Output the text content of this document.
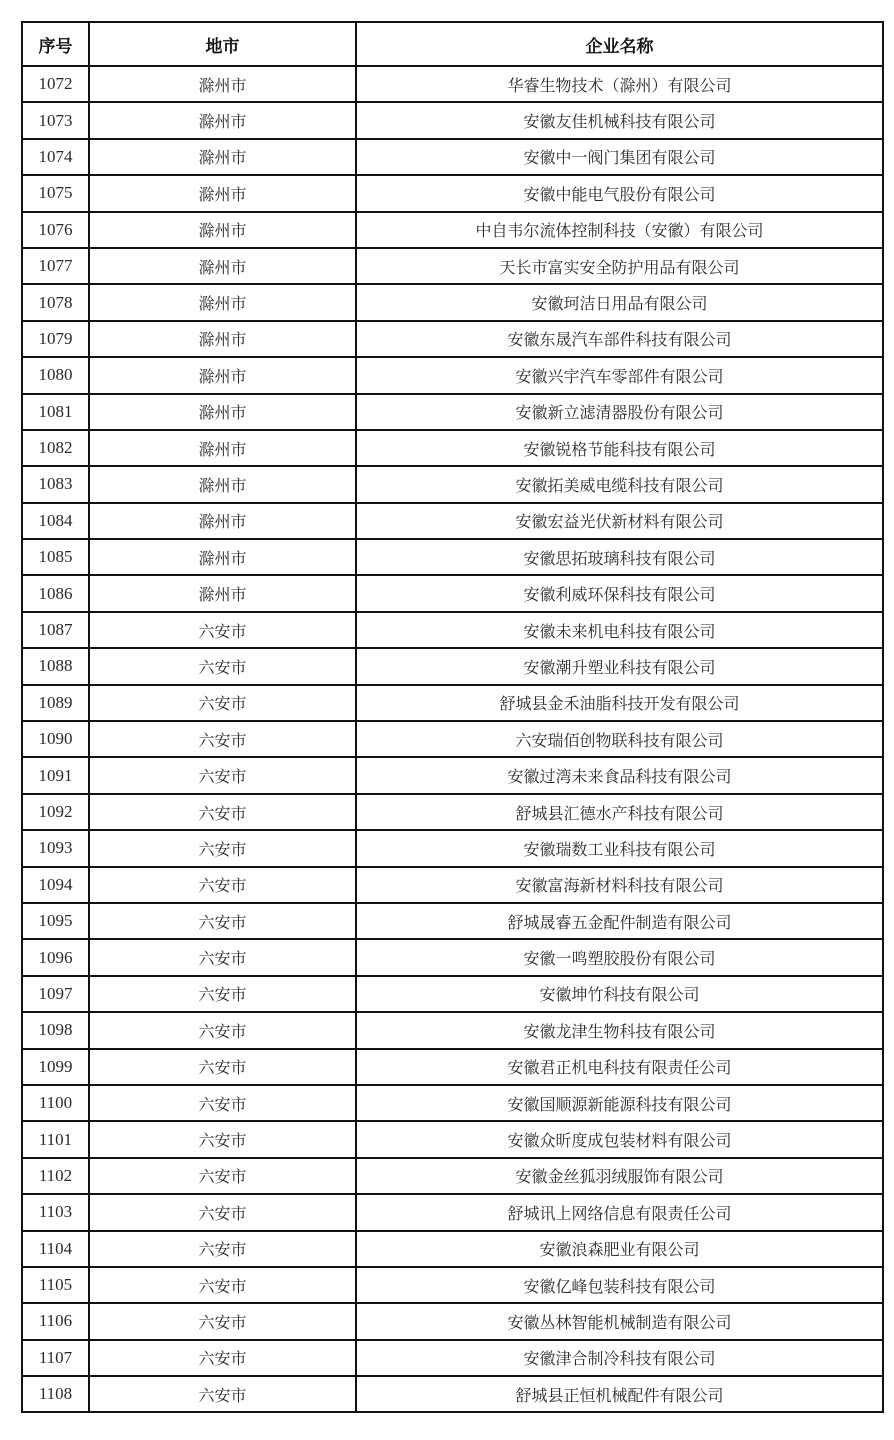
序号	地市	企业名称
1072	滁州市	华睿生物技术（滁州）有限公司
1073	滁州市	安徽友佳机械科技有限公司
1074	滁州市	安徽中一阀门集团有限公司
1075	滁州市	安徽中能电气股份有限公司
1076	滁州市	中自韦尔流体控制科技（安徽）有限公司
1077	滁州市	天长市富实安全防护用品有限公司
1078	滁州市	安徽珂洁日用品有限公司
1079	滁州市	安徽东晟汽车部件科技有限公司
1080	滁州市	安徽兴宇汽车零部件有限公司
1081	滁州市	安徽新立滤清器股份有限公司
1082	滁州市	安徽锐格节能科技有限公司
1083	滁州市	安徽拓美威电缆科技有限公司
1084	滁州市	安徽宏益光伏新材料有限公司
1085	滁州市	安徽思拓玻璃科技有限公司
1086	滁州市	安徽利威环保科技有限公司
1087	六安市	安徽未来机电科技有限公司
1088	六安市	安徽潮升塑业科技有限公司
1089	六安市	舒城县金禾油脂科技开发有限公司
1090	六安市	六安瑞佰创物联科技有限公司
1091	六安市	安徽过湾未来食品科技有限公司
1092	六安市	舒城县汇德水产科技有限公司
1093	六安市	安徽瑞数工业科技有限公司
1094	六安市	安徽富海新材料科技有限公司
1095	六安市	舒城晟睿五金配件制造有限公司
1096	六安市	安徽一鸣塑胶股份有限公司
1097	六安市	安徽坤竹科技有限公司
1098	六安市	安徽龙津生物科技有限公司
1099	六安市	安徽君正机电科技有限责任公司
1100	六安市	安徽国顺源新能源科技有限公司
1101	六安市	安徽众昕度成包装材料有限公司
1102	六安市	安徽金丝狐羽绒服饰有限公司
1103	六安市	舒城讯上网络信息有限责任公司
1104	六安市	安徽浪森肥业有限公司
1105	六安市	安徽亿峰包装科技有限公司
1106	六安市	安徽丛林智能机械制造有限公司
1107	六安市	安徽津合制冷科技有限公司
1108	六安市	舒城县正恒机械配件有限公司
